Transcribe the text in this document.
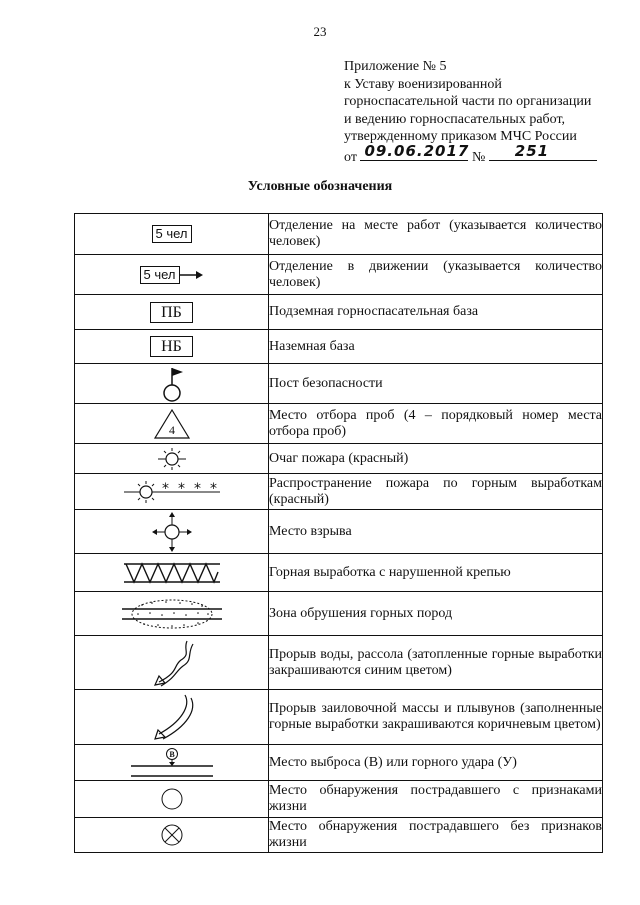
23
Приложение № 5
к Уставу военизированной
горноспасательной части по организации
и ведению горноспасательных работ,
утвержденному приказом МЧС России
от 09.06.2017 № 251
Условные обозначения
5 чел	Отделение на месте работ (указывается количество человек)

5 чел	Отделение в движении (указывается количество человек)
ПБ	Подземная горноспасательная база
НБ	Наземная база

	Пост безопасности

4	Место отбора проб (4 – порядковый номер места отбора проб)

	Очаг пожара (красный)

* * * *	Распространение пожара по горным выработкам (красный)

	Место взрыва

	Горная выработка с нарушенной крепью

	Зона обрушения горных пород

	Прорыв воды, рассола (затопленные горные выработки закрашиваются синим цветом)

	Прорыв заиловочной массы и плывунов (заполненные горные выработки закрашиваются коричневым цветом)

В	Место выброса (В) или горного удара (У)

	Место обнаружения пострадавшего с признаками жизни

	Место обнаружения пострадавшего без признаков жизни
